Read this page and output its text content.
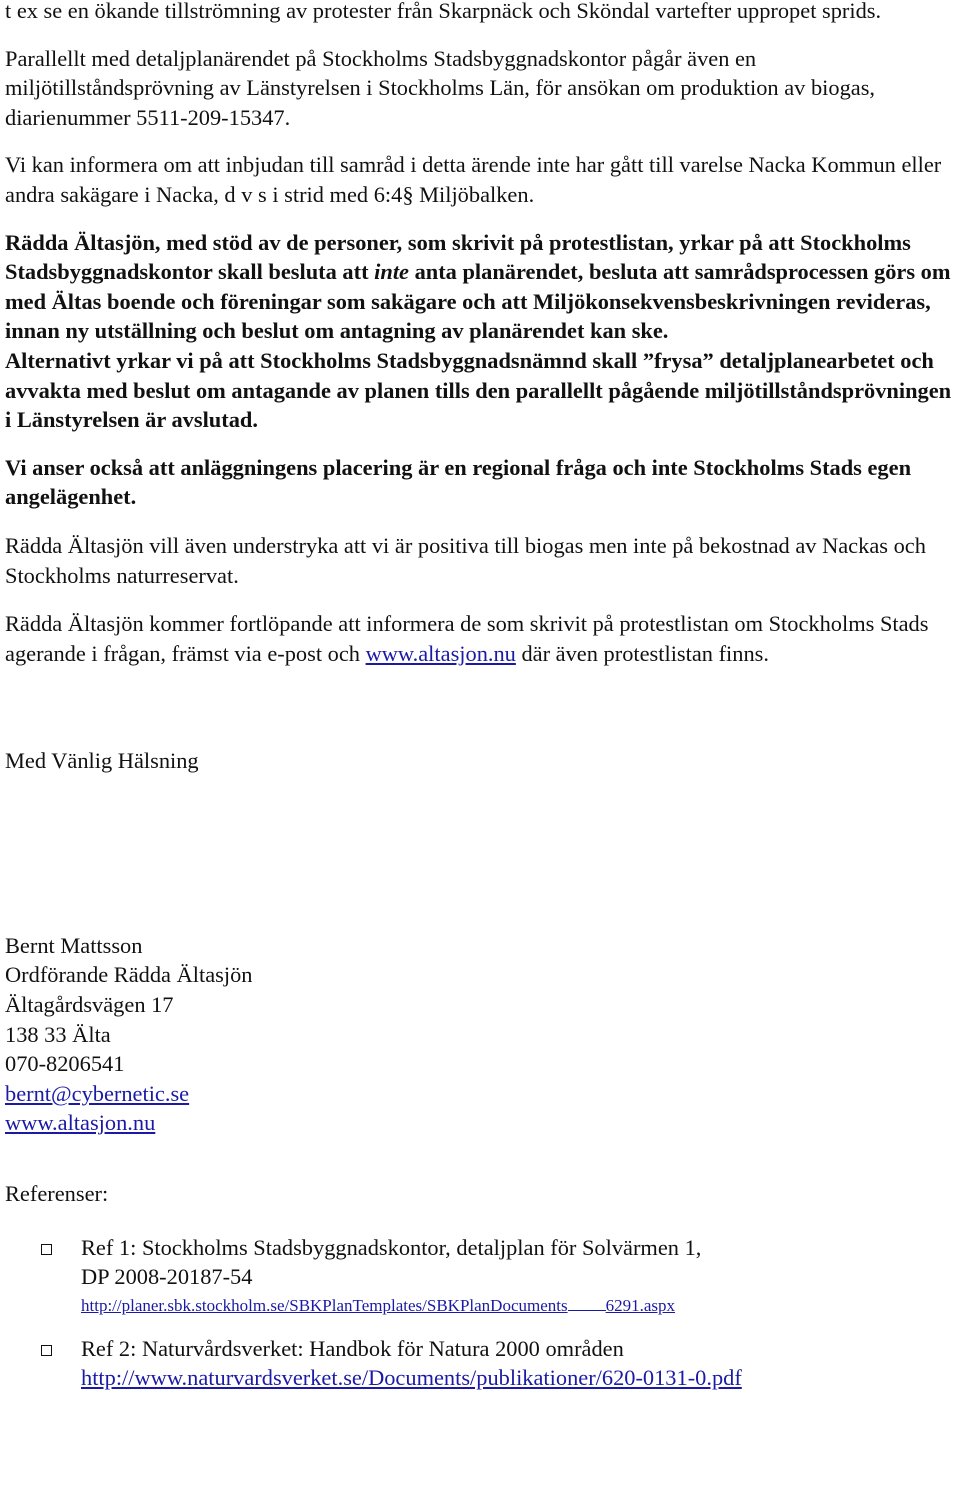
t ex se en ökande tillströmning av protester från Skarpnäck och Sköndal vartefter uppropet sprids.

Parallellt med detaljplanärendet på Stockholms Stadsbyggnadskontor pågår även en miljötillståndsprövning av Länstyrelsen i Stockholms Län, för ansökan om produktion av biogas, diarienummer 5511-209-15347.

Vi kan informera om att inbjudan till samråd i detta ärende inte har gått till varelse Nacka Kommun eller andra sakägare i Nacka, d v s i strid med 6:4§ Miljöbalken.

Rädda Ältasjön, med stöd av de personer, som skrivit på protestlistan, yrkar på att Stockholms Stadsbyggnadskontor skall besluta att inte anta planärendet, besluta att samrådsprocessen görs om med Ältas boende och föreningar som sakägare och att Miljökonsekvensbeskrivningen revideras, innan ny utställning och beslut om antagning av planärendet kan ske.

Alternativt yrkar vi på att Stockholms Stadsbyggnadsnämnd skall ”frysa” detaljplanearbetet och avvakta med beslut om antagande av planen tills den parallellt pågående miljötillståndsprövningen i Länstyrelsen är avslutad.

Vi anser också att anläggningens placering är en regional fråga och inte Stockholms Stads egen angelägenhet.

Rädda Ältasjön vill även understryka att vi är positiva till biogas men inte på bekostnad av Nackas och Stockholms naturreservat.

Rädda Ältasjön kommer fortlöpande att informera de som skrivit på protestlistan om Stockholms Stads agerande i frågan, främst via e-post och www.altasjon.nu där även protestlistan finns.

Med Vänlig Hälsning

Bernt Mattsson

Ordförande Rädda Ältasjön

Ältagårdsvägen 17

138 33 Älta

070-8206541

bernt@cybernetic.se

www.altasjon.nu

Referenser:

Ref 1: Stockholms Stadsbyggnadskontor, detaljplan för Solvärmen 1,
DP 2008-20187-54
http://planer.sbk.stockholm.se/SBKPlanTemplates/SBKPlanDocuments 6291.aspx
Ref 2: Naturvårdsverket: Handbok för Natura 2000 områden
http://www.naturvardsverket.se/Documents/publikationer/620-0131-0.pdf
